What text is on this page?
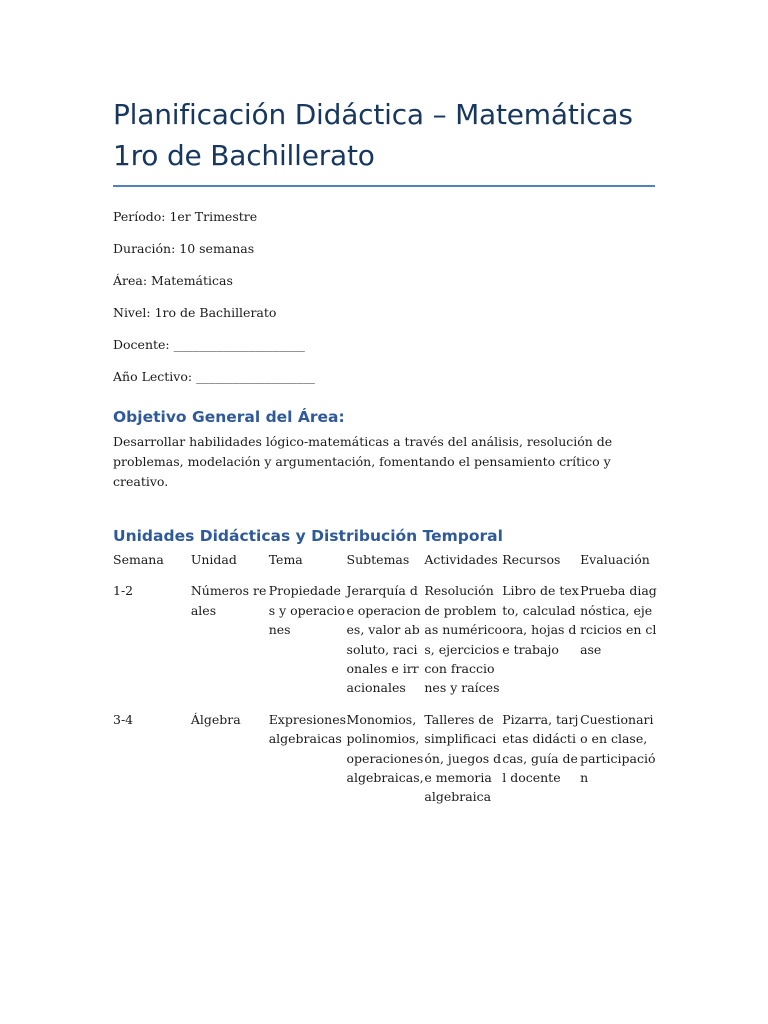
Planificación Didáctica – Matemáticas
1ro de Bachillerato
Período: 1er Trimestre
Duración: 10 semanas
Área: Matemáticas
Nivel: 1ro de Bachillerato
Docente: _____________________
Año Lectivo: ___________________
Objetivo General del Área:
Desarrollar habilidades lógico-matemáticas a través del análisis, resolución de problemas, modelación y argumentación, fomentando el pensamiento crítico y creativo.
Unidades Didácticas y Distribución Temporal
Semana	Unidad	Tema	Subtemas	Actividades	Recursos	Evaluación
1-2	Números reales	Propiedades y operaciones	Jerarquía de operaciones, valor absoluto, racionales e irracionales	Resolución de problemas numéricos, ejercicios con fracciones y raíces	Libro de texto, calculadora, hojas de trabajo	Prueba diagnóstica, ejercicios en clase
3-4	Álgebra	Expresiones algebraicas	Monomios, polinomios, operaciones algebraicas,	Talleres de simplificación, juegos de memoria algebraica	Pizarra, tarjetas didácticas, guía del docente	Cuestionario en clase, participación
